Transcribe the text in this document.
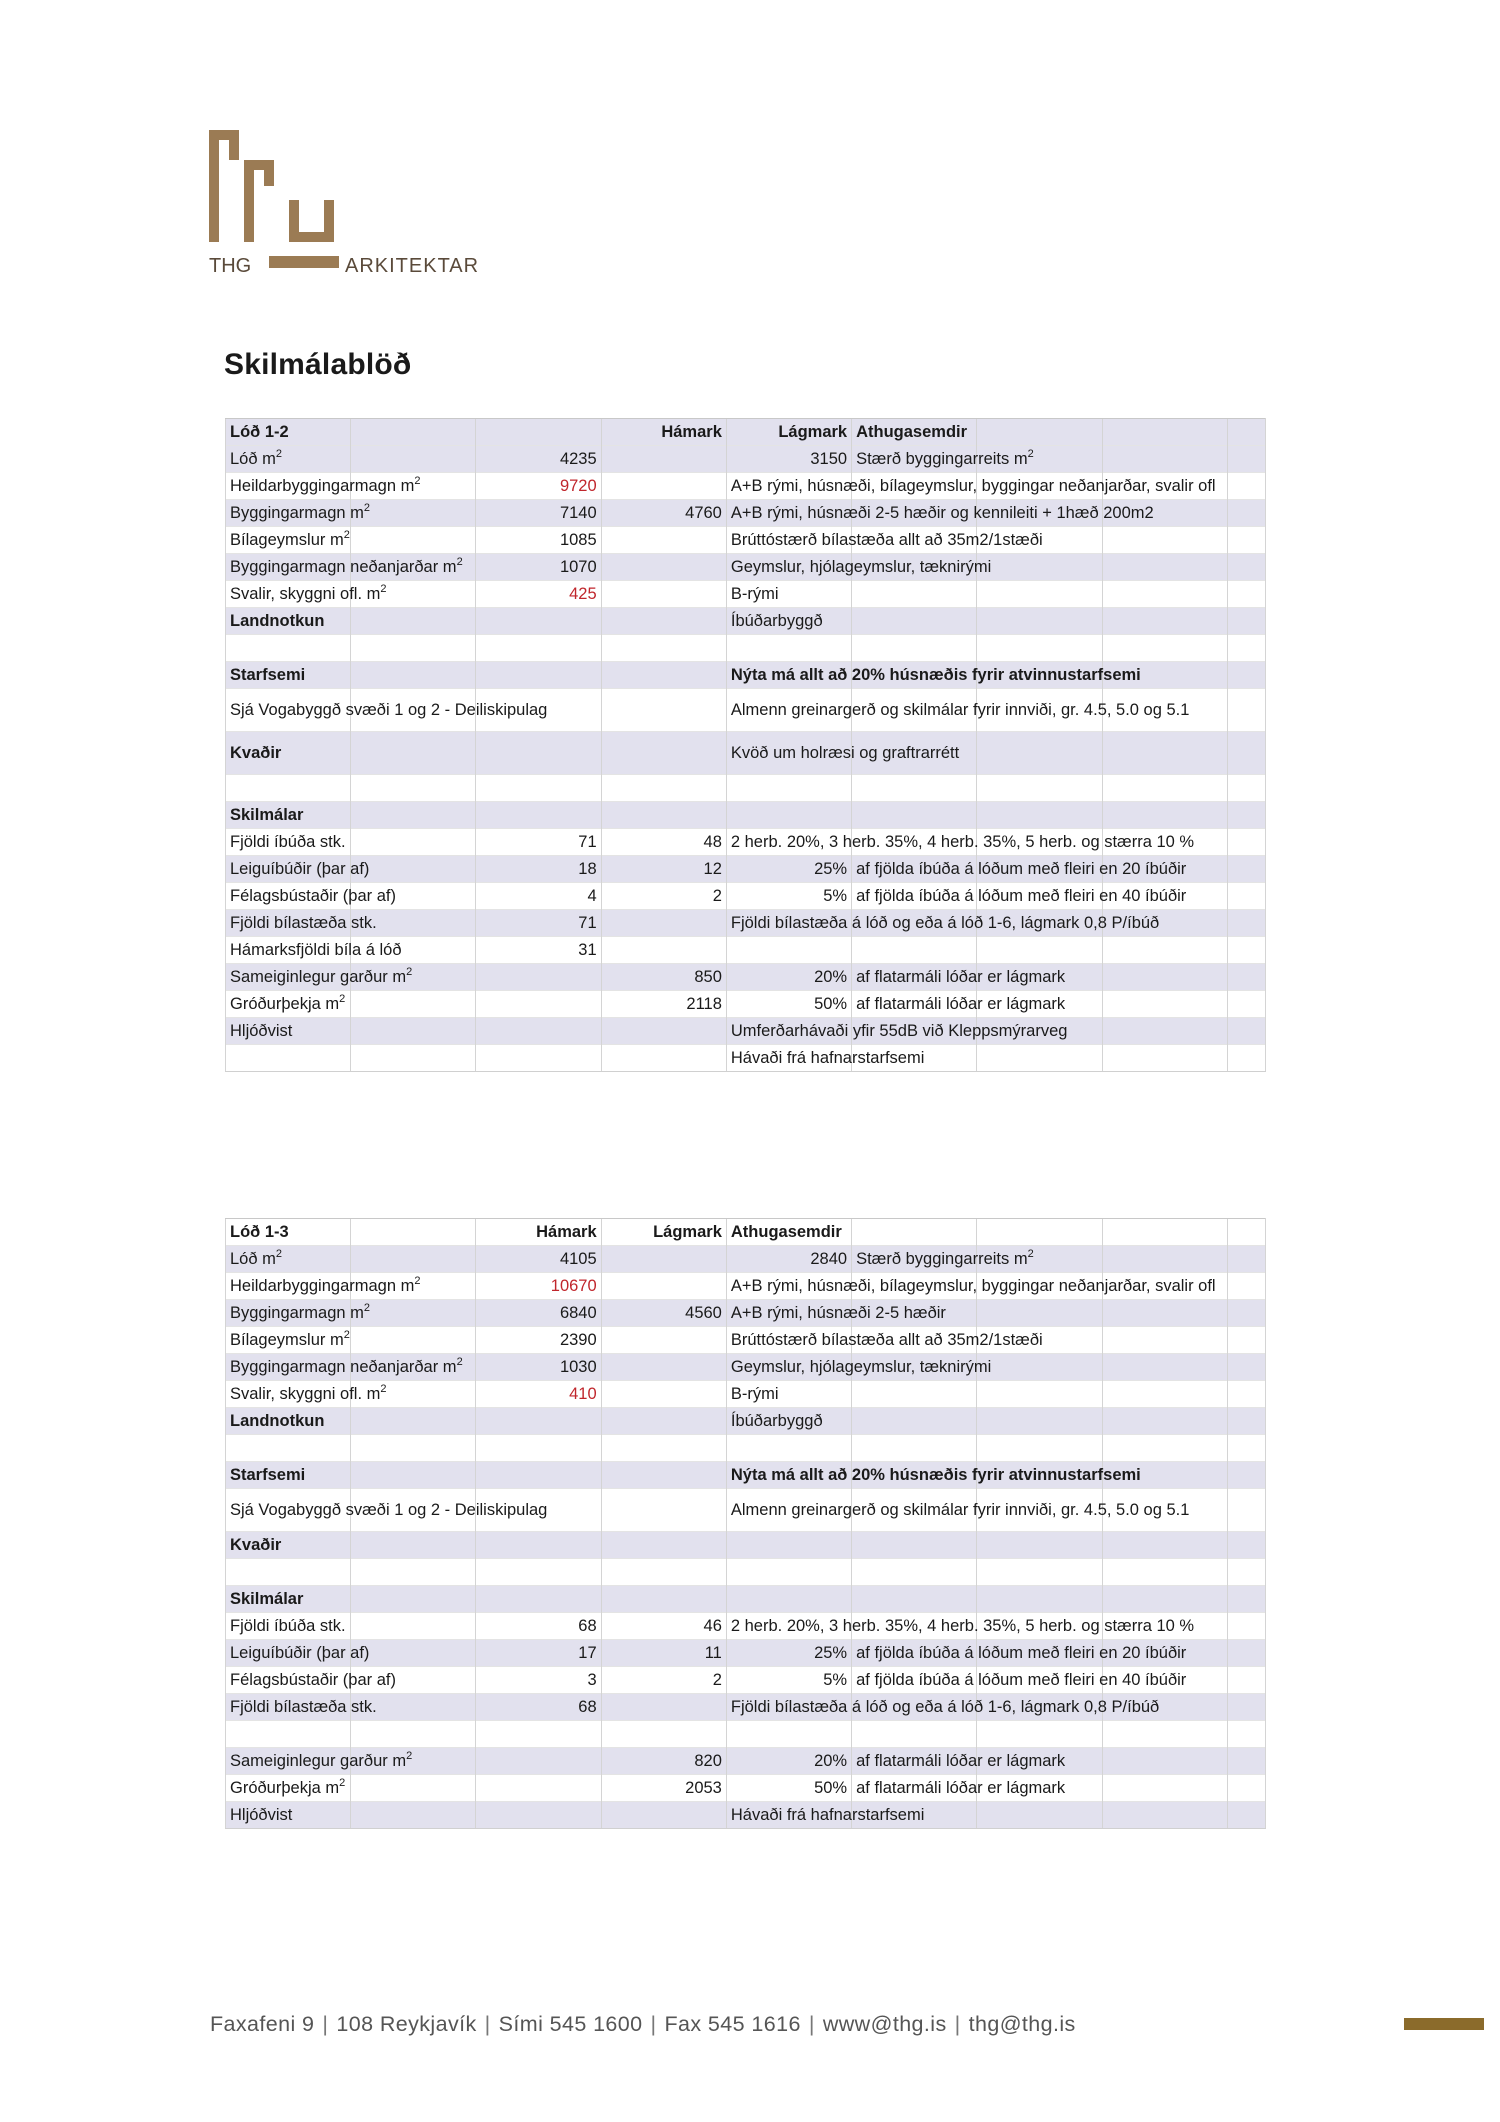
THG	ARKITEKTAR
Skilmálablöð
Lóð 1-2			Hámark	Lágmark	Athugasemdir			
Lóð $m^2$		4235		3150	Stærð byggingarreits $m^2$			
Heildarbyggingarmagn $m^2$		9720		A+B rými, húsnæði, bílageymslur, byggingar neðanjarðar, svalir ofl				
Byggingarmagn $m^2$		7140	4760	A+B rými, húsnæði 2-5 hæðir og kennileiti + 1hæð 200m2				
Bílageymslur $m^2$		1085		Brúttóstærð bílastæða allt að 35m2/1stæði				
Byggingarmagn neðanjarðar $m^2$		1070		Geymslur, hjólageymslur, tæknirými				
Svalir, skyggni ofl. $m^2$		425		B-rými				
Landnotkun				Íbúðarbyggð				

Starfsemi				Nýta má allt að 20% húsnæðis fyrir atvinnustarfsemi				
Sjá Vogabyggð svæði 1 og 2 - Deiliskipulag				Almenn greinargerð og skilmálar fyrir innviði, gr. 4.5, 5.0 og 5.1				
Kvaðir				Kvöð um holræsi og graftrarrétt				

Skilmálar								
Fjöldi íbúða stk.		71	48	2 herb. 20%, 3 herb. 35%, 4 herb. 35%, 5 herb. og stærra 10 %				
Leiguíbúðir (þar af)		18	12	25%	af fjölda íbúða á lóðum með fleiri en 20 íbúðir			
Félagsbústaðir (þar af)		4	2	5%	af fjölda íbúða á lóðum með fleiri en 40 íbúðir			
Fjöldi bílastæða stk.		71		Fjöldi bílastæða á lóð og eða á lóð 1-6, lágmark 0,8 P/íbúð				
Hámarksfjöldi bíla á lóð		31						
Sameiginlegur garður $m^2$			850	20%	af flatarmáli lóðar er lágmark			
Gróðurþekja $m^2$			2118	50%	af flatarmáli lóðar er lágmark			
Hljóðvist				Umferðarhávaði yfir 55dB við Kleppsmýrarveg				
				Hávaði frá hafnarstarfsemi				
Lóð 1-3		Hámark	Lágmark	Athugasemdir				
Lóð $m^2$		4105		2840	Stærð byggingarreits $m^2$			
Heildarbyggingarmagn $m^2$		10670		A+B rými, húsnæði, bílageymslur, byggingar neðanjarðar, svalir ofl				
Byggingarmagn $m^2$		6840	4560	A+B rými, húsnæði 2-5 hæðir				
Bílageymslur $m^2$		2390		Brúttóstærð bílastæða allt að 35m2/1stæði				
Byggingarmagn neðanjarðar $m^2$		1030		Geymslur, hjólageymslur, tæknirými				
Svalir, skyggni ofl. $m^2$		410		B-rými				
Landnotkun				Íbúðarbyggð				

Starfsemi				Nýta má allt að 20% húsnæðis fyrir atvinnustarfsemi				
Sjá Vogabyggð svæði 1 og 2 - Deiliskipulag				Almenn greinargerð og skilmálar fyrir innviði, gr. 4.5, 5.0 og 5.1				
Kvaðir								

Skilmálar								
Fjöldi íbúða stk.		68	46	2 herb. 20%, 3 herb. 35%, 4 herb. 35%, 5 herb. og stærra 10 %				
Leiguíbúðir (þar af)		17	11	25%	af fjölda íbúða á lóðum með fleiri en 20 íbúðir			
Félagsbústaðir (þar af)		3	2	5%	af fjölda íbúða á lóðum með fleiri en 40 íbúðir			
Fjöldi bílastæða stk.		68		Fjöldi bílastæða á lóð og eða á lóð 1-6, lágmark 0,8 P/íbúð				

Sameiginlegur garður $m^2$			820	20%	af flatarmáli lóðar er lágmark			
Gróðurþekja $m^2$			2053	50%	af flatarmáli lóðar er lágmark			
Hljóðvist				Hávaði frá hafnarstarfsemi				
Faxafeni 9 | 108 Reykjavík | Sími 545 1600 | Fax 545 1616 | www@thg.is | thg@thg.is
